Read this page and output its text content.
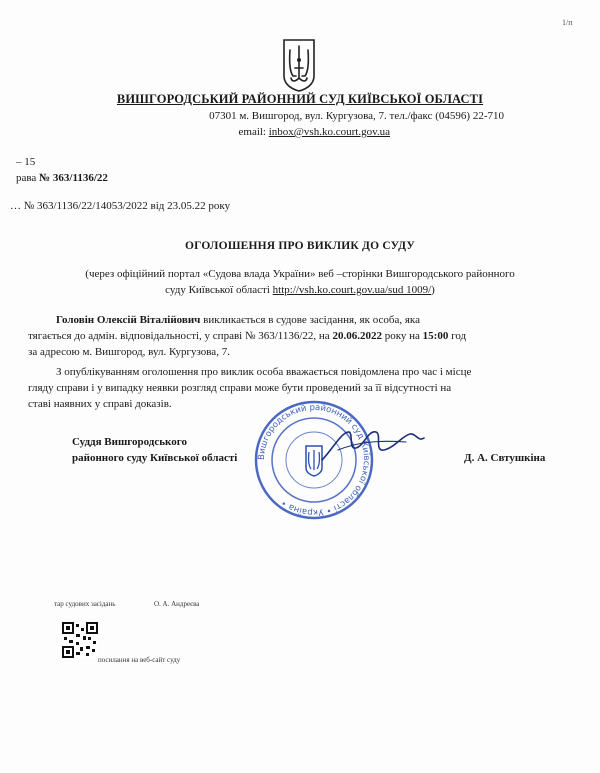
1/п
ВИШГОРОДСЬКИЙ РАЙОННИЙ СУД КИЇВСЬКОЇ ОБЛАСТІ
07301 м. Вишгород, вул. Кургузова, 7. тел./факс (04596) 22-710
email: inbox@vsh.ko.court.gov.ua
– 15
рава № 363/1136/22
… № 363/1136/22/14053/2022 від 23.05.22 року
ОГОЛОШЕННЯ ПРО ВИКЛИК ДО СУДУ
(через офіційний портал «Судова влада України» веб –сторінки Вишгородського районного
суду Київської області http://vsh.ko.court.gov.ua/sud 1009/)
Головін Олексій Віталійович викликається в судове засідання, як особа, яка
тягається до адмін. відповідальності, у справі № 363/1136/22, на 20.06.2022 року на 15:00 год
за адресою м. Вишгород, вул. Кургузова, 7.
З опублікуванням оголошення про виклик особа вважається повідомлена про час і місце
гляду справи і у випадку неявки розгляд справи може бути проведений за її відсутності на
ставі наявних у справі доказів.
Вишгородський районний суд Київської області • Україна •
Суддя Вишгородського
районного суду Київської області	Д. А. Свтушкіна
тар судових засідань	О. А. Андреєва
посилання на веб-сайт суду
